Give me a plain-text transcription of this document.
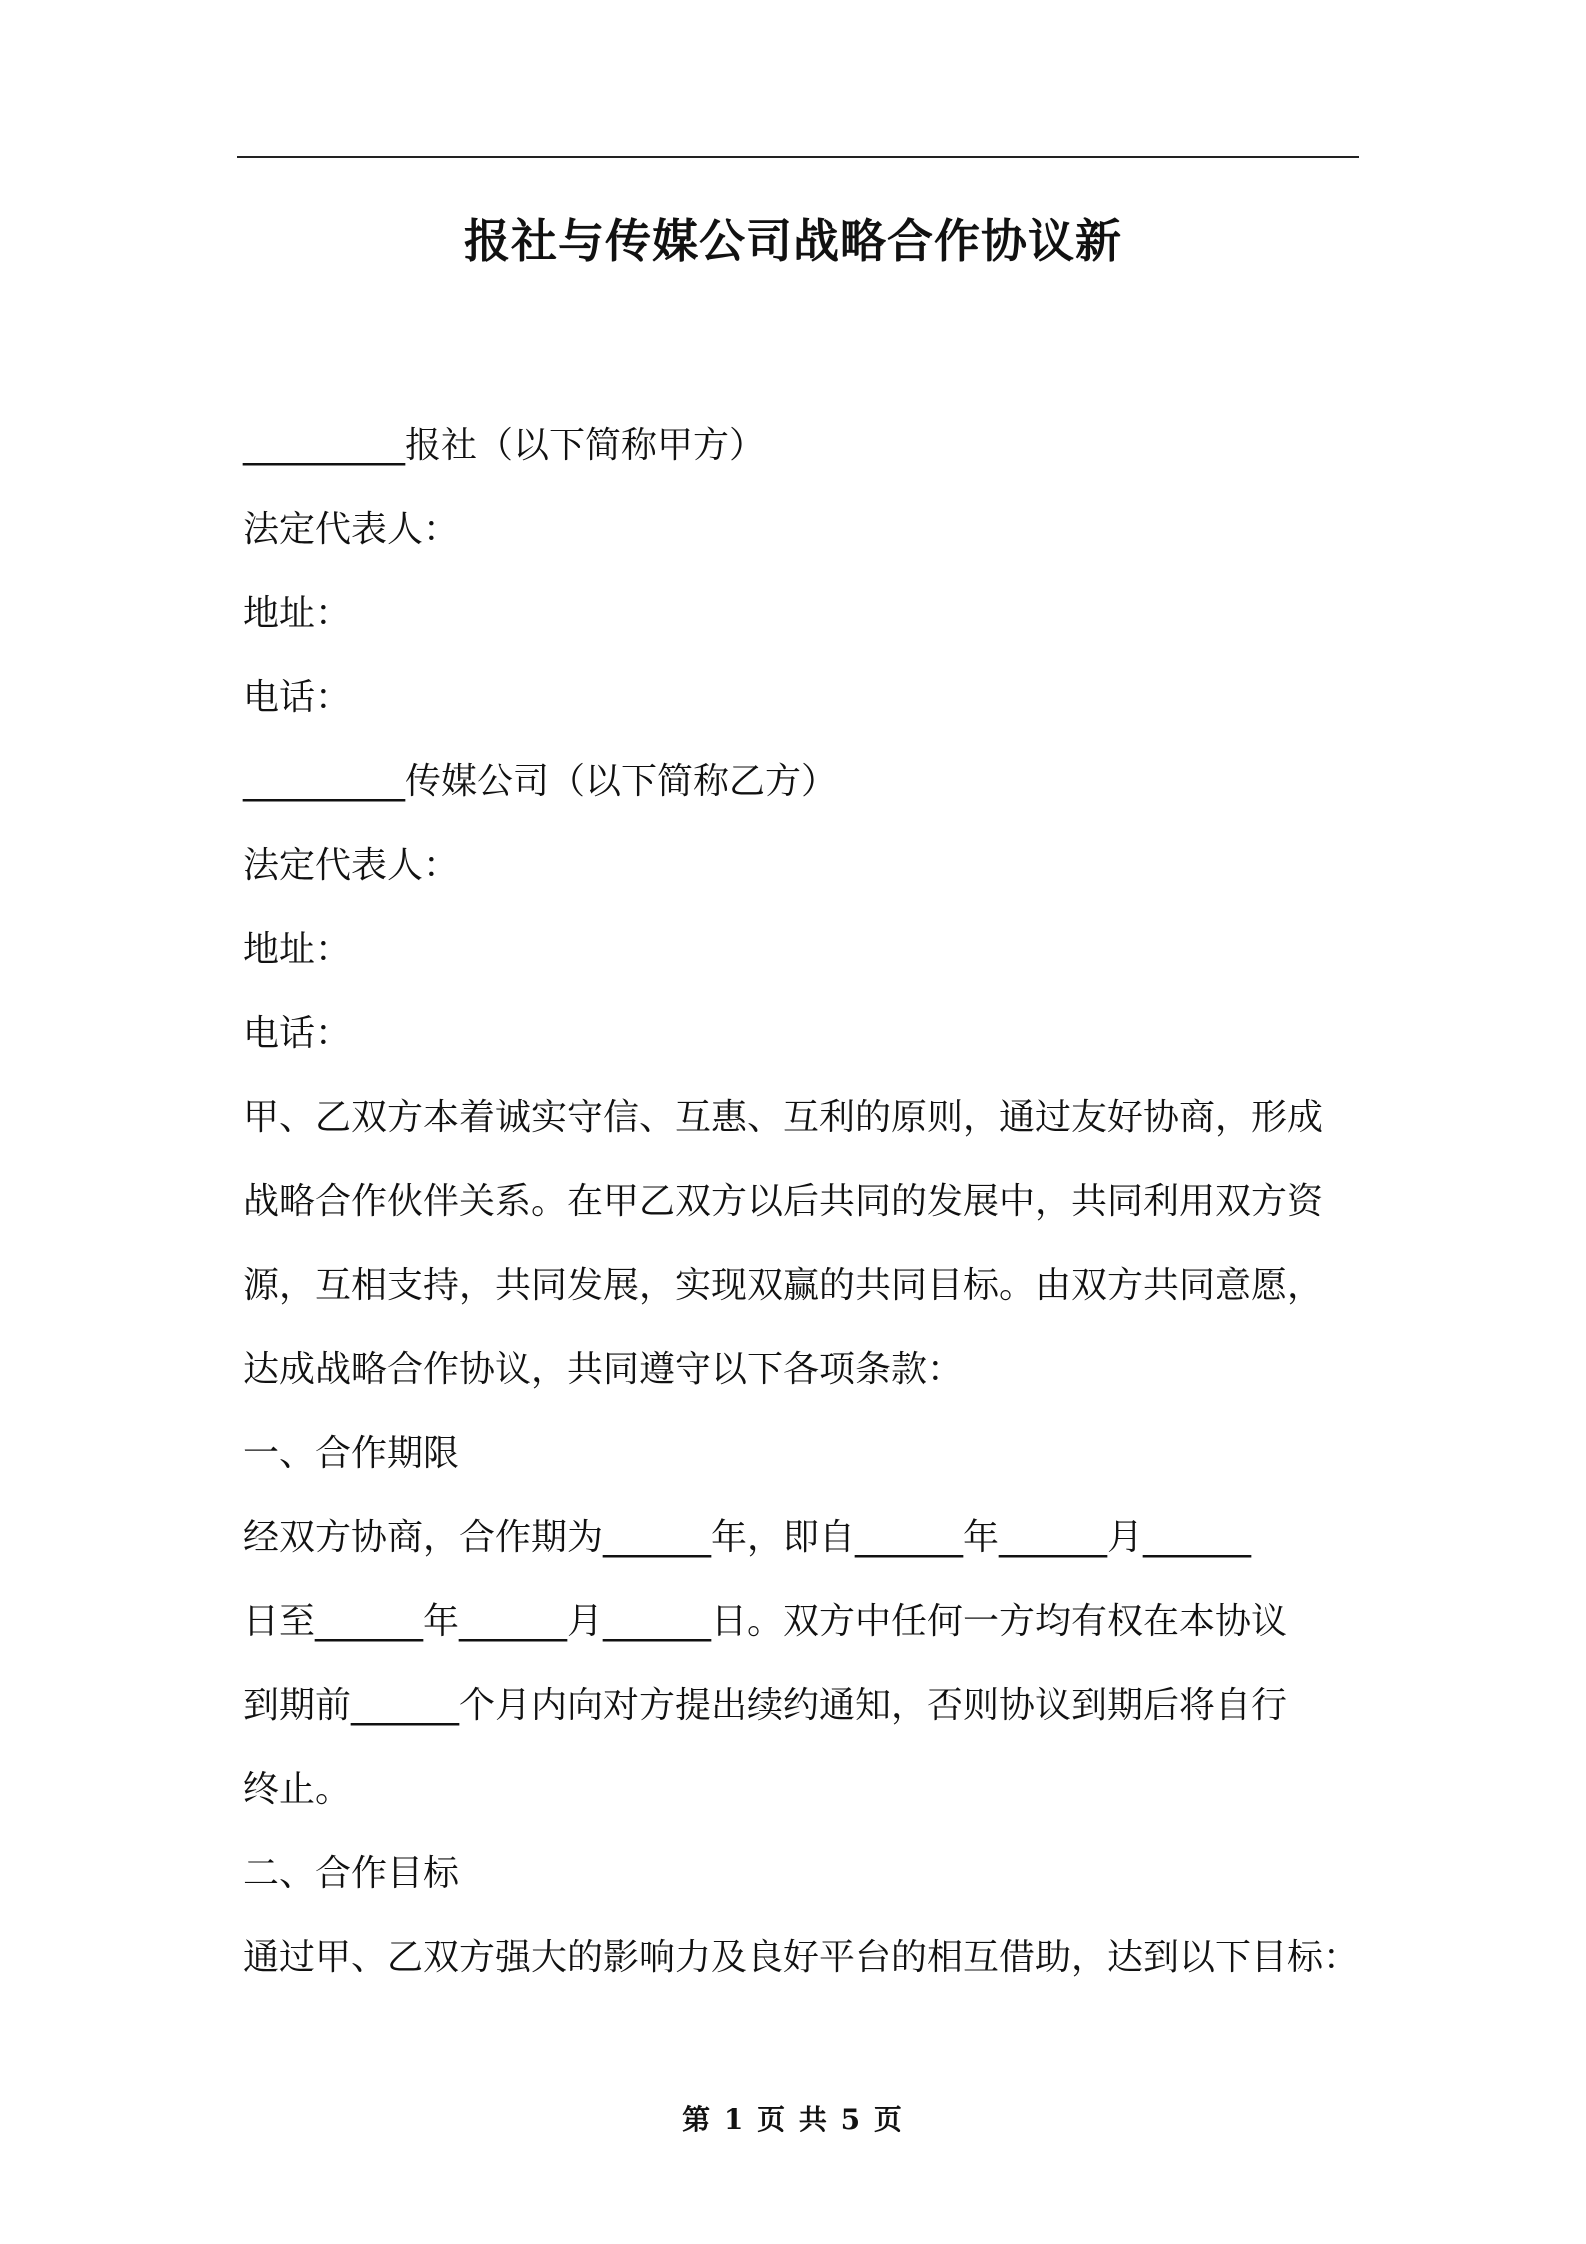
报社与传媒公司战略合作协议新
_________报社（以下简称甲方）
法定代表人：
地址：
电话：
_________传媒公司（以下简称乙方）
法定代表人：
地址：
电话：
甲、乙双方本着诚实守信、互惠、互利的原则，通过友好协商，形成
战略合作伙伴关系。在甲乙双方以后共同的发展中，共同利用双方资
源，互相支持，共同发展，实现双赢的共同目标。由双方共同意愿，
达成战略合作协议，共同遵守以下各项条款：
一、合作期限
经双方协商，合作期为______年，即自______年______月______
日至______年______月______日。双方中任何一方均有权在本协议
到期前______个月内向对方提出续约通知，否则协议到期后将自行
终止。
二、合作目标
通过甲、乙双方强大的影响力及良好平台的相互借助，达到以下目标：
第 1 页 共 5 页
